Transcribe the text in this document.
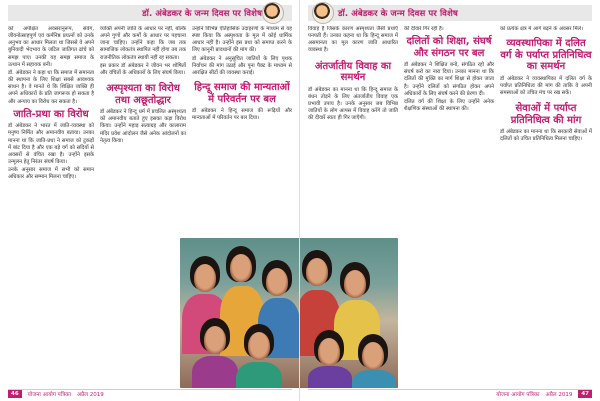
डॉ. अंबेडकर के जन्म दिवस पर विशेष

को अपेक्षित अवसरानुरूप, संवेग, जीवनोत्साहपूर्ण एवं कर्मनिष्ठ प्रयत्नों को उनके अनुभव का आधार मिलता था जिससे वे अपने बुनियादी भेदभाव के जटिल जातिगत ढांचे को समझ पाए। उनकी यह समझ समाज के उत्थान में सहायक बनी।

डॉ. अंबेडकर ने कहा था कि समाज में समानता की स्थापना के लिए शिक्षा सबसे आवश्यक साधन है। वे मानते थे कि शिक्षित व्यक्ति ही अपने अधिकारों के प्रति जागरूक हो सकता है और अन्याय का विरोध कर सकता है।

जाति-प्रथा का विरोध

डॉ अंबेडकर ने भारत में जाति-व्यवस्था को मनुष्य निर्मित और अमानवीय बताया। उनका मानना था कि जाति-प्रथा ने समाज को टुकड़ों में बांट दिया है और एक बड़े वर्ग को सदियों से अवसरों से वंचित रखा है। उन्होंने इसके उन्मूलन हेतु निरंतर संघर्ष किया।

उनके अनुसार समाज में सभी को समान अधिकार और सम्मान मिलना चाहिए।

व्यक्ति अपनी जाति के आधार पर नहीं, बल्कि अपने गुणों और कर्मों के आधार पर पहचाना जाना चाहिए। उन्होंने कहा कि जब तक सामाजिक लोकतंत्र स्थापित नहीं होगा तब तक राजनीतिक लोकतंत्र स्थायी नहीं रह सकता।

इस प्रकार डॉ अंबेडकर ने जीवन भर शोषितों और वंचितों के अधिकारों के लिए संघर्ष किया।

अस्पृश्यता का विरोध तथा अछूतोद्धार

डॉ अंबेडकर ने हिन्दू धर्म में प्रचलित अस्पृश्यता को अमानवीय बताते हुए इसका कड़ा विरोध किया। उन्होंने महाड़ सत्याग्रह और कालाराम मंदिर प्रवेश आंदोलन जैसे अनेक आंदोलनों का नेतृत्व किया।

उन्होंने विभिन्न ऐतिहासिक उदाहरणों के माध्यम से यह स्पष्ट किया कि अस्पृश्यता के मूल में कोई धार्मिक आधार नहीं है। उन्होंने इस प्रथा को समाप्त करने के लिए कानूनी प्रावधानों की मांग की।

डॉ अंबेडकर ने अनुसूचित जातियों के लिए पृथक निर्वाचन की मांग उठाई और पूना पैक्ट के माध्यम से आरक्षित सीटों की व्यवस्था कराई।

हिन्दू समाज की मान्यताओं में परिवर्तन पर बल

डॉ अंबेडकर ने हिन्दू समाज की रूढ़ियों और मान्यताओं में परिवर्तन पर बल दिया।

46	योजना आयोग पत्रिका अप्रैल 2019
डॉ. अंबेडकर के जन्म दिवस पर विशेष

विवाह है जिसके कारण अस्पृश्यता जैसी प्रथाएँ पनपती हैं। उनका कहना था कि हिन्दू समाज में असमानता का मूल कारण जाति आधारित व्यवस्था है।

अंतर्जातीय विवाह का समर्थन

डॉ अंबेडकर का मानना था कि हिन्दू समाज के बंधन तोड़ने के लिए अंतर्जातीय विवाह एक प्रभावी उपाय है। उनके अनुसार जब विभिन्न जातियों के लोग आपस में विवाह करेंगे तो जाति की दीवारें स्वतः ही गिर जाएँगी।

की दीवारें गिर रही हैं।

दलितों को शिक्षा, संघर्ष और संगठन पर बल

डॉ अंबेडकर ने शिक्षित बनो, संगठित रहो और संघर्ष करो का नारा दिया। उनका मानना था कि दलितों की मुक्ति का मार्ग शिक्षा से होकर जाता है। उन्होंने दलितों को संगठित होकर अपने अधिकारों के लिए संघर्ष करने की प्रेरणा दी।

दलित वर्ग की शिक्षा के लिए उन्होंने अनेक शैक्षणिक संस्थाओं की स्थापना की।

को प्रत्येक क्षेत्र में आगे बढ़ने के अवसर मिले।

व्यवस्थापिका में दलित वर्ग के पर्याप्त प्रतिनिधित्व का समर्थन

डॉ अंबेडकर ने व्यवस्थापिका में दलित वर्ग के पर्याप्त प्रतिनिधित्व की मांग की ताकि वे अपनी समस्याओं को उचित मंच पर रख सकें।

सेवाओं में पर्याप्त प्रतिनिधित्व की मांग

डॉ अंबेडकर का मानना था कि सरकारी सेवाओं में दलितों को उचित प्रतिनिधित्व मिलना चाहिए।

योजना आयोग पत्रिका अप्रैल 2019	47
